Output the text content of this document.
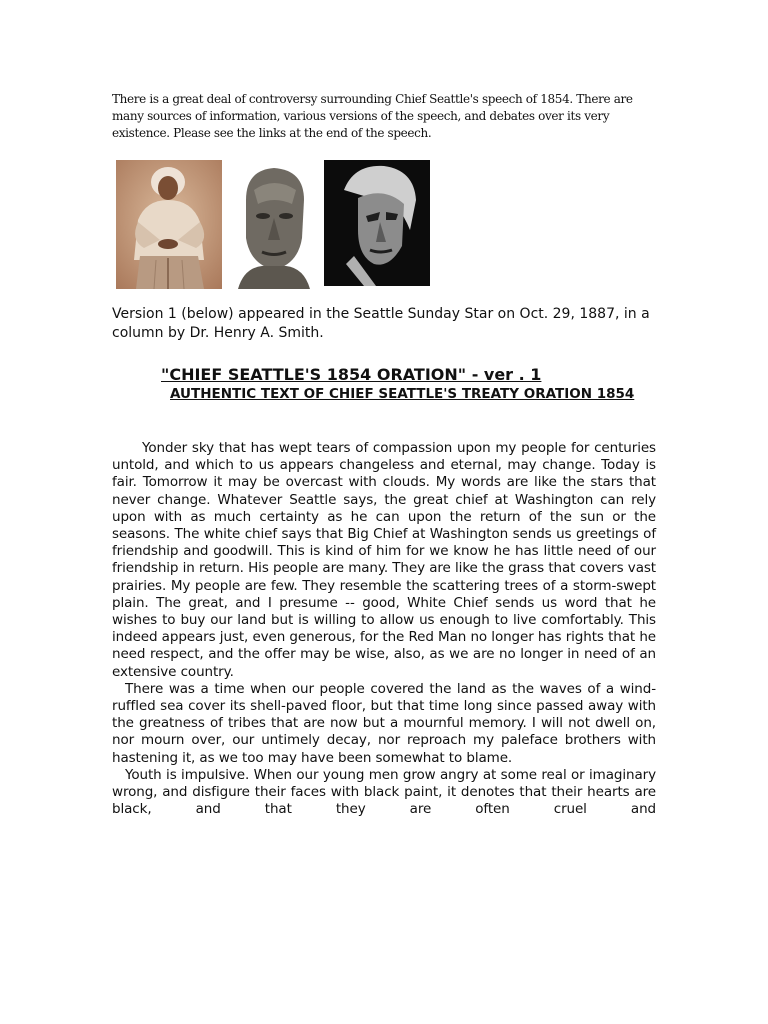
There is a great deal of controversy surrounding Chief Seattle's speech of 1854. There are many sources of information, various versions of the speech, and debates over its very existence. Please see the links at the end of the speech.

Version 1 (below) appeared in the Seattle Sunday Star on Oct. 29, 1887, in a column by Dr. Henry A. Smith.

"CHIEF SEATTLE'S 1854 ORATION" - ver . 1
AUTHENTIC TEXT OF CHIEF SEATTLE'S TREATY ORATION 1854

Yonder sky that has wept tears of compassion upon my people for centuries untold, and which to us appears changeless and eternal, may change. Today is fair. Tomorrow it may be overcast with clouds. My words are like the stars that never change. Whatever Seattle says, the great chief at Washington can rely upon with as much certainty as he can upon the return of the sun or the seasons. The white chief says that Big Chief at Washington sends us greetings of friendship and goodwill. This is kind of him for we know he has little need of our friendship in return. His people are many. They are like the grass that covers vast prairies. My people are few. They resemble the scattering trees of a storm-swept plain. The great, and I presume -- good, White Chief sends us word that he wishes to buy our land but is willing to allow us enough to live comfortably. This indeed appears just, even generous, for the Red Man no longer has rights that he need respect, and the offer may be wise, also, as we are no longer in need of an extensive country.

There was a time when our people covered the land as the waves of a wind-ruffled sea cover its shell-paved floor, but that time long since passed away with the greatness of tribes that are now but a mournful memory. I will not dwell on, nor mourn over, our untimely decay, nor reproach my paleface brothers with hastening it, as we too may have been somewhat to blame.

Youth is impulsive. When our young men grow angry at some real or imaginary wrong, and disfigure their faces with black paint, it denotes that their hearts are black, and that they are often cruel and
